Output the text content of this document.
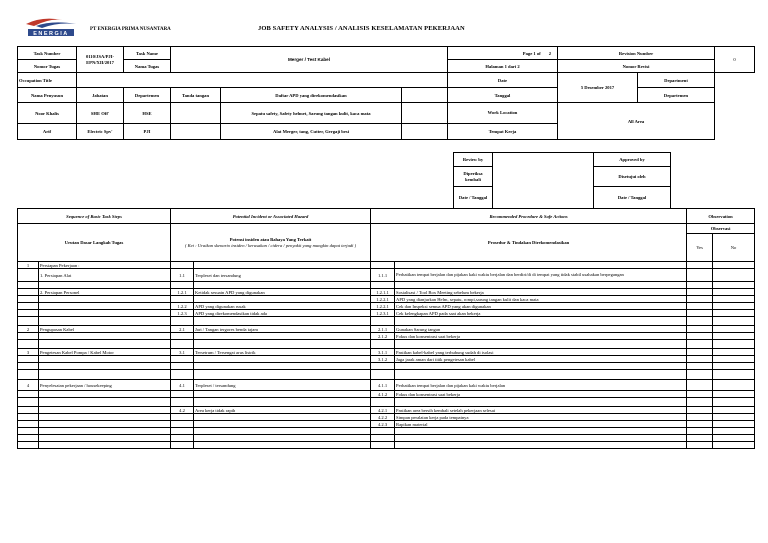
ENERGIA
PT ENERGIA PRIMA NUSANTARA	JOB SAFETY ANALYSIS / ANALISIS KESELAMATAN PEKERJAAN
Task Number	0110/JSA/PJI-EPN/XII/2017	Task Name	Merger / Test Kabel			Page 1 of 2	Revision Number		0
Nomor Tugas		Nama Tugas				Halaman 1 dari 2	Nomor Revisi		
Occupation Title						Date	5 Desember 2017	Department	
Nama Penyusun	Jabatan	Departemen	Tanda tangan	Daftar APD yang direkomendasikan		Tanggal		Departemen	
Noor Khalis	SHE Off'	HSE		Sepatu safety, Safety helmet, Sarung tangan kulit, kaca mata		Work Location	All Area		
Arif	Electric Spv'	PJI		Alat Merger, tang, Cutter, Gergaji besi		Tempat Kerja			
Review by		Approved by
Diperiksa kembali		Disetujui oleh
Date / Tanggal		Date / Tanggal
Sequence of Basic Task Steps		Potential Incident or Associated Hazard		Recommended Procedure & Safe Actions		Observation	
Urutan Dasar Langkah Tugas		Potensi insiden atau Bahaya Yang Terkait
( Ket : Uraikan skenario insiden / kerusakan / cidera / penyakit yang mungkin dapat terjadi )		Prosedur & Tindakan Direkomendasikan		Observasi	
						Yes	No
1	Persiapan Pekerjaan :						
	1. Persiapan Alat	1.1	Terpleset dan tersandung	1.1.1	Perhatikan tempat berjalan dan pijakan kaki waktu berjalan dan berdiri/di di tempat yang tidak stabil usahakan berpegangan		

	2. Persiapan Personel	1.2.1	Ketidak sesuain APD yang digunakan	1.2.1.1	Sosialisasi / Tool Box Meeting sebelum bekerja		
				1.2.2.1	APD yang dianjurkan Helm, sepatu, rompi,sarung tangan kulit dan kaca mata		
		1.2.2	APD yang digunakan rusak	1.2.2.1	Cek dan Inspeksi semua APD yang akan digunakan		
		1.2.3	APD yang direkomendasikan tidak ada	1.2.3.1	Cek kelengkapan APD pada saat akan bekerja		

2	Pengupasan Kabel	2.1	Jari / Tangan tergores benda tajam	2.1.1	Gunakan Sarung tangan		
				2.1.2	Fokus dan konsentrasi saat bekerja		

3	Pengetesan Kabel Pompa / Kabel Motor	3.1	Tersetrum / Tersengat arus listrik	3.1.1	Pastikan kabel-kabel yang terhubung sudah di isolasi		
				3.1.2	Jaga jarak aman dari titik pengetesan kabel		

4	Penyelesaian pekerjaan / housekeeping	4.1	Terpleset / tersandung	4.1.1	Perhatikan tempat berjalan dan pijakan kaki waktu berjalan		
				4.1.2	Fokus dan konsentrasi saat bekerja		

		4.2	Area kerja tidak rapih	4.2.1	Pastikan area bersih kembali setelah pekerjaan selesai		
				4.2.2	Simpan peralatan kerja pada tempatnya		
				4.2.3	Rapikan material		
